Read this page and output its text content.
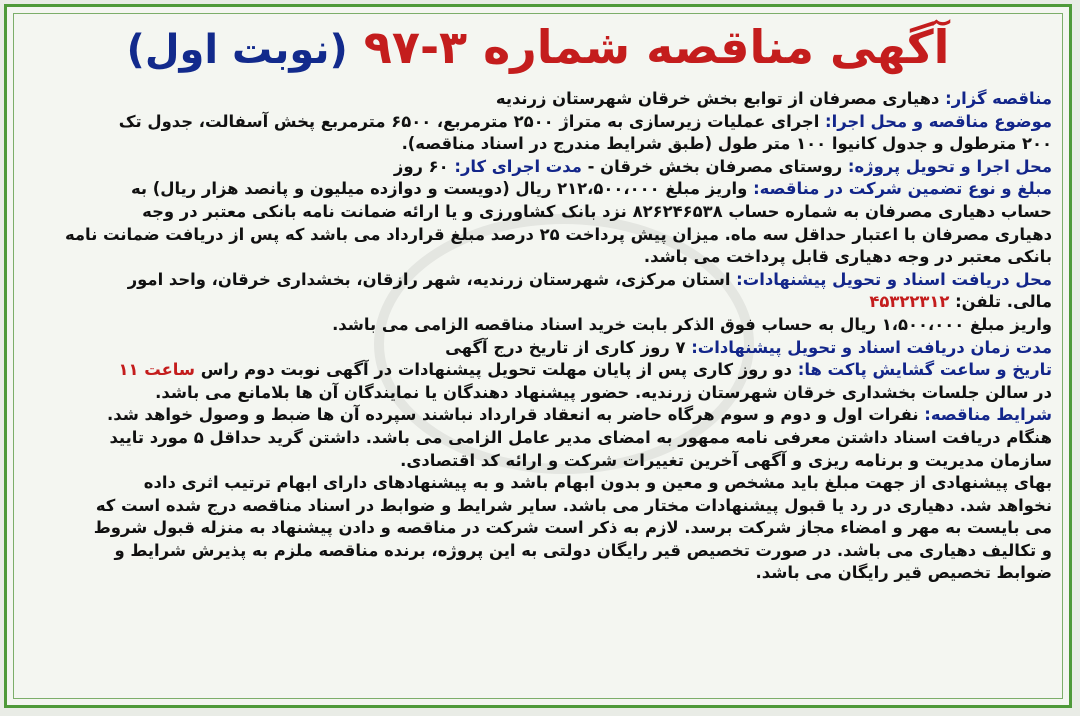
آگهی مناقصه شماره ۳-۹۷ (نوبت اول)
مناقصه گزار: دهیاری مصرفان از توابع بخش خرقان شهرستان زرندیه
موضوع مناقصه و محل اجرا: اجرای عملیات زیرسازی به متراژ ۲۵۰۰ مترمربع، ۶۵۰۰ مترمربع پخش آسفالت، جدول تک
۲۰۰ مترطول و جدول کانیوا ۱۰۰ متر طول (طبق شرایط مندرج در اسناد مناقصه).
محل اجرا و تحویل پروژه: روستای مصرفان بخش خرقان - مدت اجرای کار: ۶۰ روز
مبلغ و نوع تضمین شرکت در مناقصه: واریز مبلغ ۲۱۲،۵۰۰،۰۰۰ ریال (دویست و دوازده میلیون و پانصد هزار ریال) به
حساب دهیاری مصرفان به شماره حساب ۸۲۶۲۴۶۵۳۸ نزد بانک کشاورزی و یا ارائه ضمانت نامه بانکی معتبر در وجه
دهیاری مصرفان با اعتبار حداقل سه ماه. میزان پیش پرداخت ۲۵ درصد مبلغ قرارداد می باشد که پس از دریافت ضمانت نامه
بانکی معتبر در وجه دهیاری قابل پرداخت می باشد.
محل دریافت اسناد و تحویل پیشنهادات: استان مرکزی، شهرستان زرندیه، شهر رازقان، بخشداری خرقان، واحد امور
مالی. تلفن: ۴۵۳۲۲۳۱۲
واریز مبلغ ۱،۵۰۰،۰۰۰ ریال به حساب فوق الذکر بابت خرید اسناد مناقصه الزامی می باشد.
مدت زمان دریافت اسناد و تحویل پیشنهادات: ۷ روز کاری از تاریخ درج آگهی
تاریخ و ساعت گشایش پاکت ها: دو روز کاری پس از پایان مهلت تحویل پیشنهادات در آگهی نوبت دوم راس ساعت ۱۱
در سالن جلسات بخشداری خرقان شهرستان زرندیه. حضور پیشنهاد دهندگان یا نمایندگان آن ها بلامانع می باشد.
شرایط مناقصه: نفرات اول و دوم و سوم هرگاه حاضر به انعقاد قرارداد نباشند سپرده آن ها ضبط و وصول خواهد شد.
هنگام دریافت اسناد داشتن معرفی نامه ممهور به امضای مدیر عامل الزامی می باشد. داشتن گرید حداقل ۵ مورد تایید
سازمان مدیریت و برنامه ریزی و آگهی آخرین تغییرات شرکت و ارائه کد اقتصادی.
بهای پیشنهادی از جهت مبلغ باید مشخص و معین و بدون ابهام باشد و به پیشنهادهای دارای ابهام ترتیب اثری داده
نخواهد شد. دهیاری در رد یا قبول پیشنهادات مختار می باشد. سایر شرایط و ضوابط در اسناد مناقصه درج شده است که
می بایست به مهر و امضاء مجاز شرکت برسد. لازم به ذکر است شرکت در مناقصه و دادن پیشنهاد به منزله قبول شروط
و تکالیف دهیاری می باشد. در صورت تخصیص قیر رایگان دولتی به این پروژه، برنده مناقصه ملزم به پذیرش شرایط و
ضوابط تخصیص قیر رایگان می باشد.
